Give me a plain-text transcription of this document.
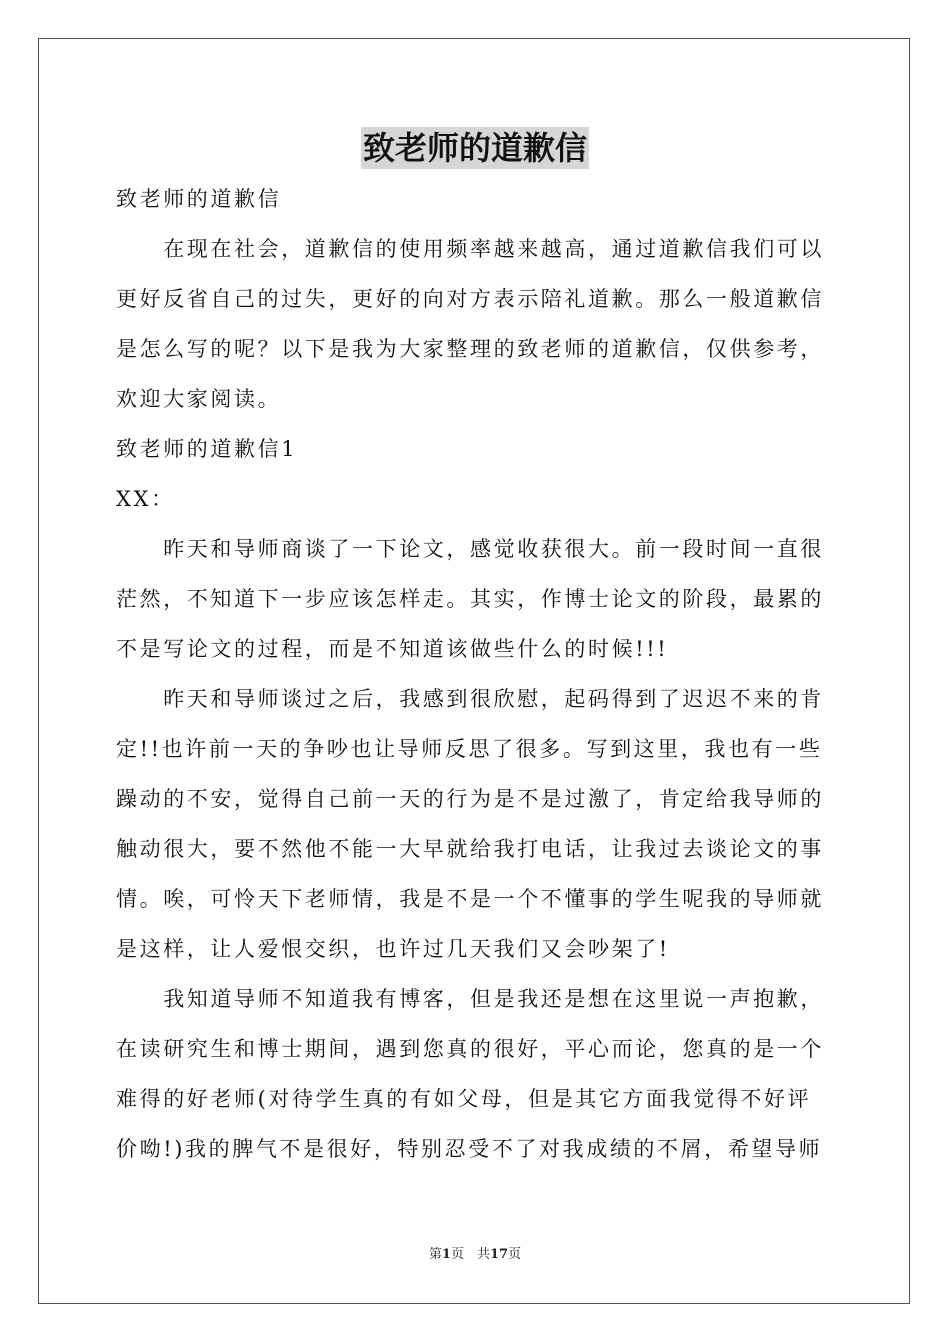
致老师的道歉信
致老师的道歉信
　　在现在社会，道歉信的使用频率越来越高，通过道歉信我们可以
更好反省自己的过失，更好的向对方表示陪礼道歉。那么一般道歉信
是怎么写的呢？以下是我为大家整理的致老师的道歉信，仅供参考，
欢迎大家阅读。
致老师的道歉信1
XX：
　　昨天和导师商谈了一下论文，感觉收获很大。前一段时间一直很
茫然，不知道下一步应该怎样走。其实，作博士论文的阶段，最累的
不是写论文的过程，而是不知道该做些什么的时候!!!
　　昨天和导师谈过之后，我感到很欣慰，起码得到了迟迟不来的肯
定!!也许前一天的争吵也让导师反思了很多。写到这里，我也有一些
躁动的不安，觉得自己前一天的行为是不是过激了，肯定给我导师的
触动很大，要不然他不能一大早就给我打电话，让我过去谈论文的事
情。唉，可怜天下老师情，我是不是一个不懂事的学生呢我的导师就
是这样，让人爱恨交织，也许过几天我们又会吵架了!
　　我知道导师不知道我有博客，但是我还是想在这里说一声抱歉，
在读研究生和博士期间，遇到您真的很好，平心而论，您真的是一个
难得的好老师(对待学生真的有如父母，但是其它方面我觉得不好评
价呦!)我的脾气不是很好，特别忍受不了对我成绩的不屑，希望导师
第1页　共17页
